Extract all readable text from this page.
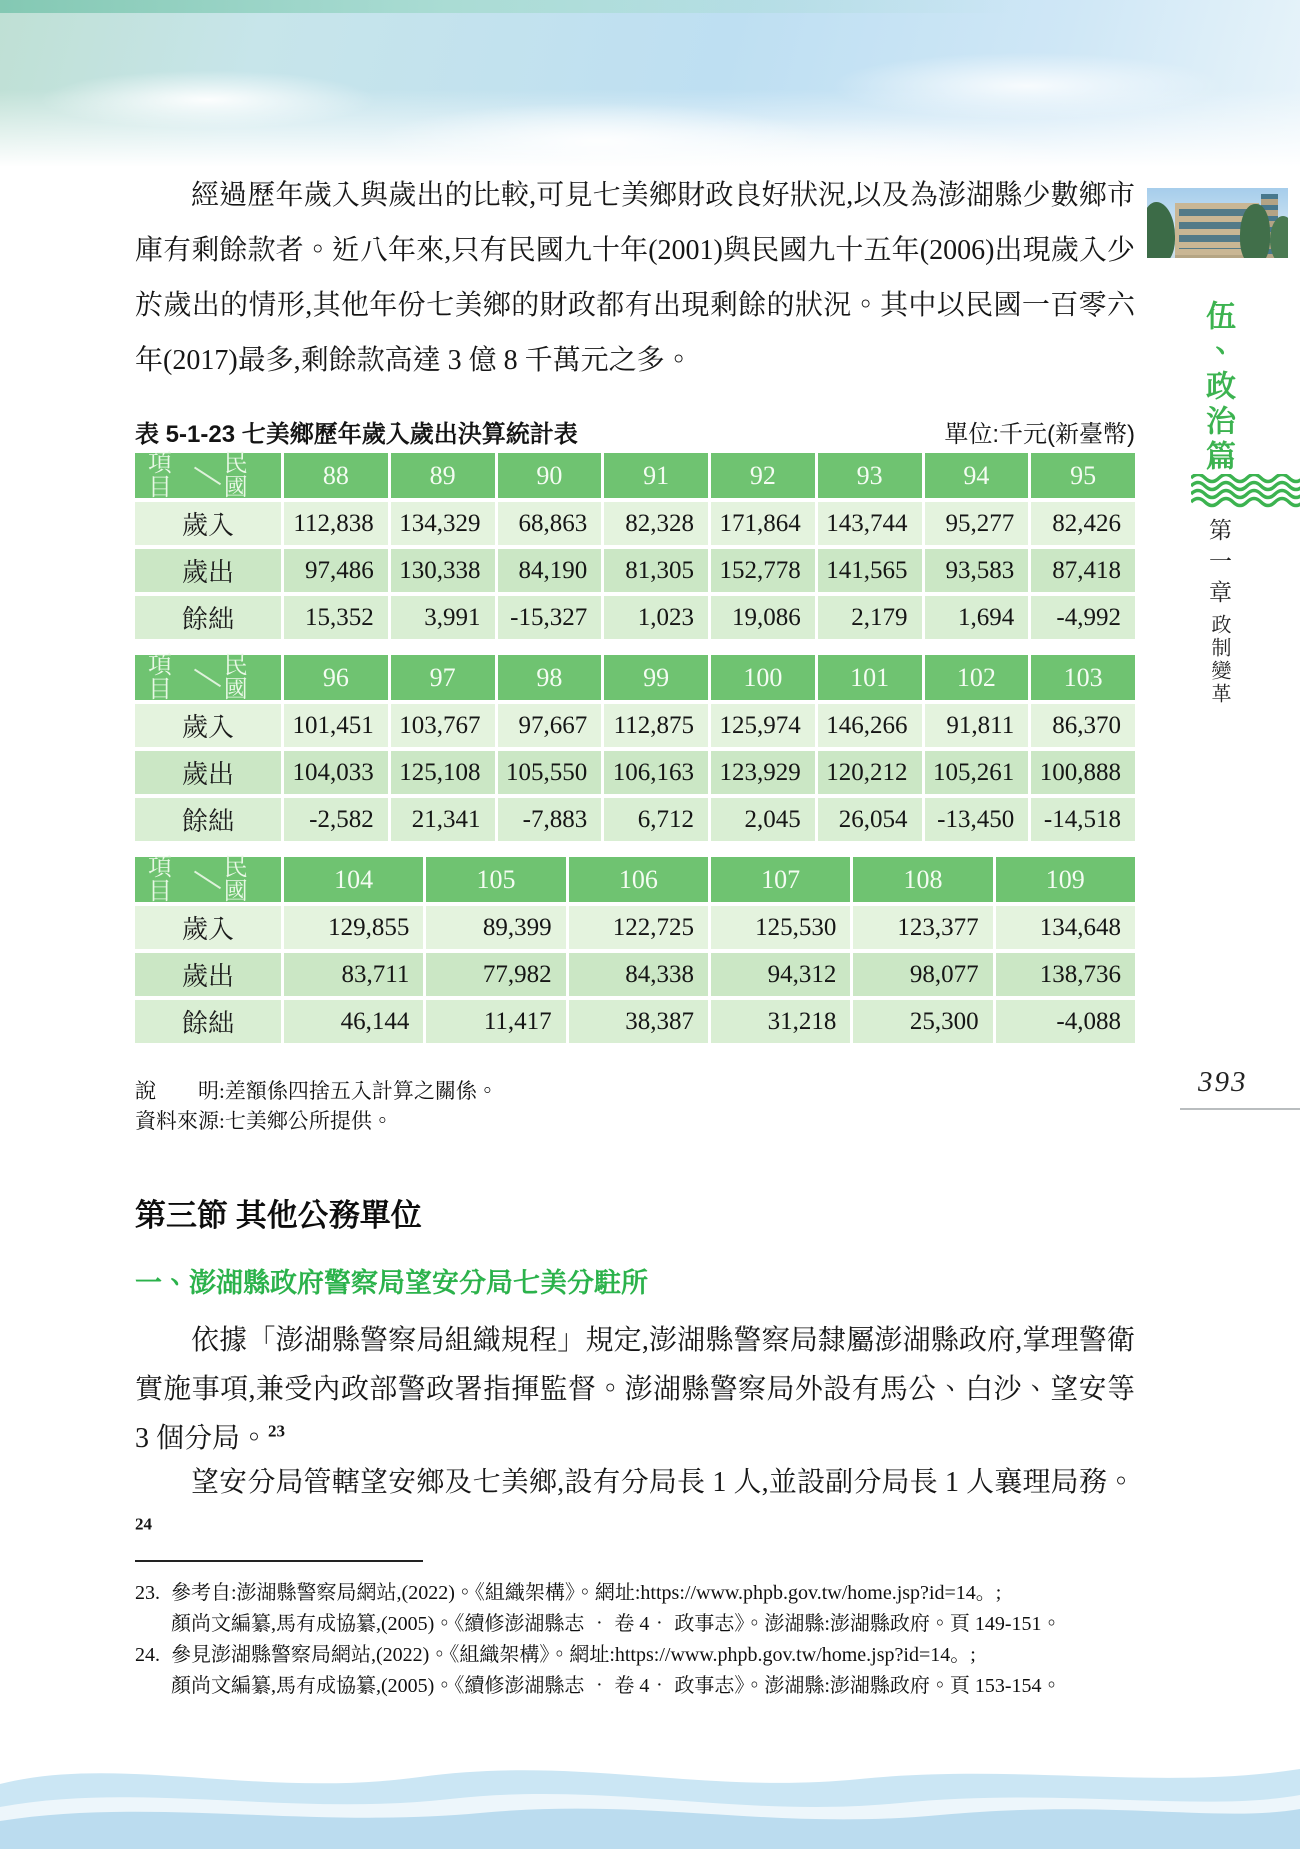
經過歷年歲入與歲出的比較,可見七美鄉財政良好狀況,以及為澎湖縣少數鄉市庫有剩餘款者。近八年來,只有民國九十年(2001)與民國九十五年(2006)出現歲入少於歲出的情形,其他年份七美鄉的財政都有出現剩餘的狀況。其中以民國一百零六年(2017)最多,剩餘款高達 3 億 8 千萬元之多。
表 5-1-23 七美鄉歷年歲入歲出決算統計表	單位:千元(新臺幣)
項目
民國	88	89	90	91	92	93	94	95
歲入	112,838	134,329	68,863	82,328	171,864	143,744	95,277	82,426
歲出	97,486	130,338	84,190	81,305	152,778	141,565	93,583	87,418
餘絀	15,352	3,991	-15,327	1,023	19,086	2,179	1,694	-4,992
項目
民國	96	97	98	99	100	101	102	103
歲入	101,451	103,767	97,667	112,875	125,974	146,266	91,811	86,370
歲出	104,033	125,108	105,550	106,163	123,929	120,212	105,261	100,888
餘絀	-2,582	21,341	-7,883	6,712	2,045	26,054	-13,450	-14,518
項目
民國	104	105	106	107	108	109
歲入	129,855	89,399	122,725	125,530	123,377	134,648
歲出	83,711	77,982	84,338	94,312	98,077	138,736
餘絀	46,144	11,417	38,387	31,218	25,300	-4,088
說　　明:差額係四捨五入計算之關係。
資料來源:七美鄉公所提供。
第三節 其他公務單位
一、澎湖縣政府警察局望安分局七美分駐所
依據「澎湖縣警察局組織規程」規定,澎湖縣警察局隸屬澎湖縣政府,掌理警衛實施事項,兼受內政部警政署指揮監督。澎湖縣警察局外設有馬公、白沙、望安等 3 個分局。$^{23}$
望安分局管轄望安鄉及七美鄉,設有分局長 1 人,並設副分局長 1 人襄理局務。$^{24}$
23. 參考自:澎湖縣警察局網站,(2022)。《組織架構》。網址:https://www.phpb.gov.tw/home.jsp?id=14。;
顏尚文編纂,馬有成協纂,(2005)。《續修澎湖縣志 ‧ 卷 4‧ 政事志》。澎湖縣:澎湖縣政府。頁 149-151。
24. 參見澎湖縣警察局網站,(2022)。《組織架構》。網址:https://www.phpb.gov.tw/home.jsp?id=14。;
顏尚文編纂,馬有成協纂,(2005)。《續修澎湖縣志 ‧ 卷 4‧ 政事志》。澎湖縣:澎湖縣政府。頁 153-154。
伍、政治篇
第一章
政制變革
393
